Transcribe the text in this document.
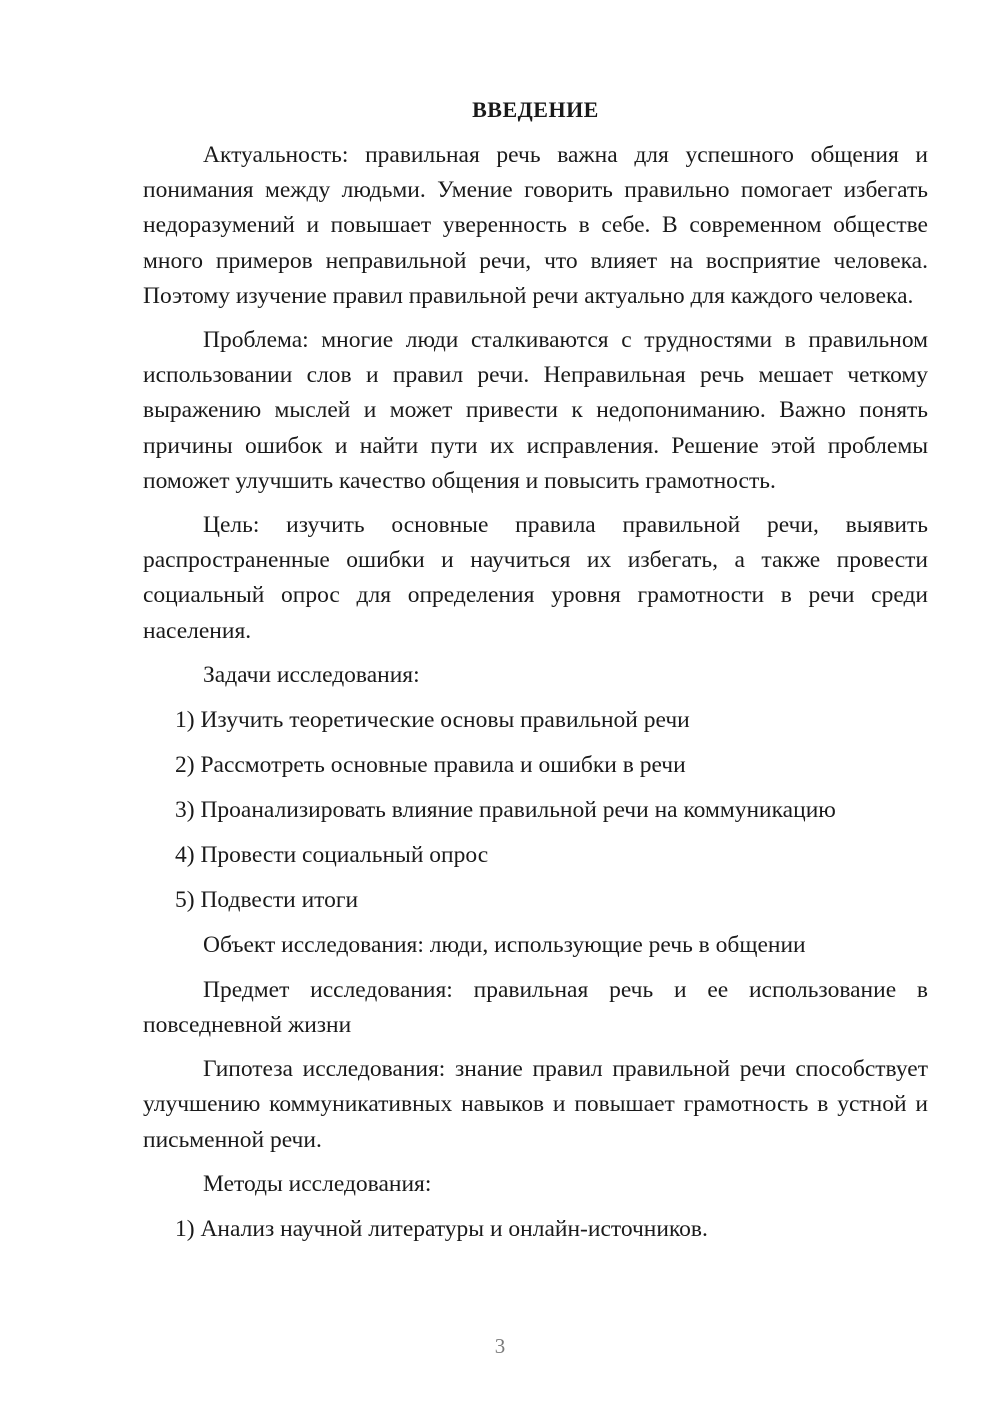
ВВЕДЕНИЕ

Актуальность: правильная речь важна для успешного общения и понимания между людьми. Умение говорить правильно помогает избегать недоразумений и повышает уверенность в себе. В современном обществе много примеров неправильной речи, что влияет на восприятие человека. Поэтому изучение правил правильной речи актуально для каждого человека.

Проблема: многие люди сталкиваются с трудностями в правильном использовании слов и правил речи. Неправильная речь мешает четкому выражению мыслей и может привести к недопониманию. Важно понять причины ошибок и найти пути их исправления. Решение этой проблемы поможет улучшить качество общения и повысить грамотность.

Цель: изучить основные правила правильной речи, выявить распространенные ошибки и научиться их избегать, а также провести социальный опрос для определения уровня грамотности в речи среди населения.

Задачи исследования:
1) Изучить теоретические основы правильной речи
2) Рассмотреть основные правила и ошибки в речи
3) Проанализировать влияние правильной речи на коммуникацию
4) Провести социальный опрос
5) Подвести итоги
Объект исследования: люди, использующие речь в общении

Предмет исследования: правильная речь и ее использование в повседневной жизни

Гипотеза исследования: знание правил правильной речи способствует улучшению коммуникативных навыков и повышает грамотность в устной и письменной речи.

Методы исследования:
1) Анализ научной литературы и онлайн-источников.
3
